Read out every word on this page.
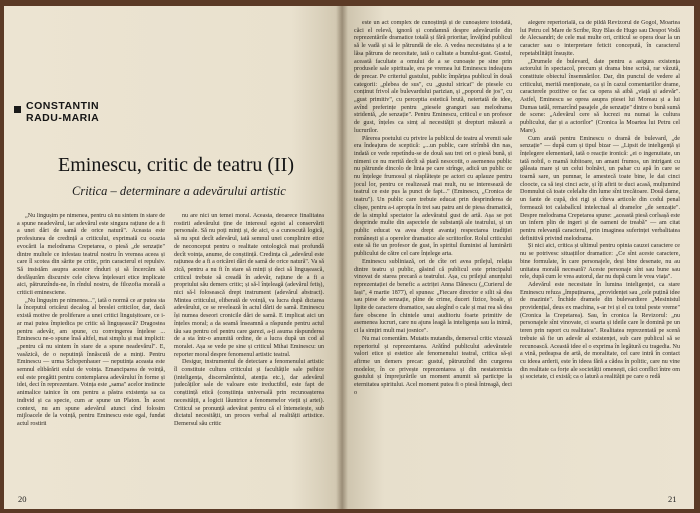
CONSTANTIN
RADU-MARIA
Eminescu, critic de teatru (II)
Critica – determinare a adevărului artistic

„Nu lingușim pe nimenea, pentru că nu sintem în stare de a spune neadevărul, iar adevărul este singura rațiune de a fi a unei dări de samă de orice natură". Aceasta este profesiunea de credință a criticului, exprimată cu ocazia evocării la melodrama Crepetarea, o piesă „de senzație" dintre multele ce infestau teatrul nostru în vremea aceea și care îl scotea din sărite pe critic, prin caracterul ei repulsiv. Să insistăm asupra acestor rînduri și să încercăm să desfășurăm discursiv cele cîteva înțelesuri etice implicate aici, pătrunzîndu-ne, în rîndul nostru, de filozofia morală a criticii eminesciene.

„Nu lingușim pe nimenea...", iată o normă ce ar putea sta la începutul oricărui decalog al breslei criticilor, dar, dacă există motive de proliferare a unei critici linguișitoare, ce i-ar mai putea împiedica pe critic să lingușească? Dragostea pentru adevăr, am spune, cu convingerea înțelese ... Eminescu ne-o spune însă altfel, mai simplu și mai implicit: „pentru că nu sintem în stare de a spune neadevărul". E, vasăzică, de o neputință înnăscută de a minți. Pentru Eminescu — urma Schopenhauer — neputința aceasta este semnul elibărării eului de voința. Emanciparea de voință, eul este pregătit pentru contemplarea adevărului în forme și idei, deci în reprezentare. Voința este „sama" acelor instincte animalice tainice în om pentru a păstra existența sa ca individ și ca specie, cum ar spune un Platon. În acest context, nu am spune adevărul atunci cînd folosim mijloacele de la voință, pentru Eminescu este egal, fundat actul rostirii

nu are nici un temei moral. Aceasta, deoarece finalitatea rostirii adevărului ține de interesul egoist al conservării personale. Să nu poți minți și, de aici, o a cunoscută logică, să nu spui decît adevărul, iată semnul unei complinire etice de neconceput pentru o realitate ontologică mai profundă decît voința, anume, de conștiință. Credința că „adevărul este rațiunea de a fi a oricărei dări de samă de orice natură". Va să zică, pentru a nu fi în stare să minți și deci să lingușească, criticul trebuie să creadă în adevăr, rațiune de a fi a propriului său demers critic; și să-l înțeleagă (adevărul fetiș), nici să-l folosească drept instrument (adevărul abstract). Mintea criticului, eliberată de voință, va lucra după dictarea adevărului, ce se revelează în actul dării de samă. Eminescu își numea deseori cronicile dări de samă. E implicat aici un înțeles moral; a da seamă înseamnă a răspunde pentru actul tău sau pentru cel pentru care garezi, a-ți asuma răspunderea de a sta într-o anumită ordine, de a lucra după un cod al moralei. Așa se vede pe sine și criticul Mihai Eminescu: un reporter moral despre fenomenul artistic teatral.

Desigur, instrumentul de detectare a fenomenului artistic îl constituie cultura criticului și facultățile sale psihice (inteligența, discernămîntul, atenția etc.), dar adevărul judecăților sale de valoare este ireductibil, este fapt de conștiință etică (conștiința universală prin recunoașterea necesității, a logicii lăuntrice a fenomenelor vieții și artei). Criticul se pronunță adevărat pentru că el întemeiește, sub dictatul necesității, un proces verbal al realității artistice. Demersul său critic

20

este un act complex de cunoștință și de cunoaștere totodată, căci el relevă, ignoră și condamnă despre adevărurile din reprezentările dramatice totală și fără prioritar, învățînd publicul să le vadă și să le pătrundă de ele. A vedea necesitatea și a te lăsa pătruns de necesitate, iată o calitate a bunului-gust. Gustul, această facultate a omului de a se cunoaște pe sine prin produsele sale spirituale, era pe vremea lui Eminescu indeajuns de precar. Pe criteriul gustului, public împărțea publicul în două categorii: „plebea de sus", cu „gustul stricat" de piesele cu conținut frivol ale bulevardului parizian, și „poporul de jos", cu „gust primitiv", cu perceptia estetică brută, neiertată de idee, avînd preferințe pentru „piesele granguri sau melodrama stridentă, „de senzație". Pentru Eminescu, criticul e un profesor de gust, înțeles ca simț al necesității și drepturi măsură a lucrurilor.

Părerea poetului cu privire la publicul de teatru al vremii sale era îndeajuns de sceptică: „...un public, care strîmbă din nas, indată ce vede repetîndu-se de două sau trei ori o piesă bună, și nimeni ce nu merită decît să piară nesocotit, o asemenea public nu pătrunde dincolo de linia pe care strînge, adică un public ce nu înțelege frumosul și răsplătește pe actori cu aplauze pentru jocul lor, pentru ce realizează mai mult, nu se interesează de teatrul ce este pus la punct de fapt..." (Eminescu, „Cronica de teatru"). Un public care trebuie educat prin desprinderea de clișee, pentru a-i apropia în trei sau patru ani de piesa dramatică, de la simplul spectator la adevăratul gust de artă. Așa se pot desprinde multe din aspectele de substanță ale teatrului, și un public educat va avea drept avantaj respectarea tradiției românești și a operelor dramatice ale scriitorilor. Rolul criticului este să fie un profesor de gust, în spiritul iluminist al luminării publicului de către cel care înțelege arta.

Eminescu subliniază, ori de cîte ori avea prilejul, relația dintre teatru și public, găsind că publicul este principalul vinovat de starea precară a teatrului. Așa, cu prilejul anunțului reprezentației de benefic a actriței Anna Dănescu („Curierul de Iași", 4 martie 1877), el spunea: „Fiecare director e silit să dea sau piese de senzație, pline de crime, duceri fizice, boale, și lipite de caractere dramatice, sau alegînd o cale și mai rea să dea fare obscene în chintele unui auditoriu foarte primitiv de asemenea lucruri, care nu ajuns leagă la inteligența sau la inimă, ci la simțiri mult mai josnice".

Nu mai comentăm. Mutatis mutandis, demersul critic vizează repertoriul și reprezentarea. Arătînd publicului adevăratele valori etice și estetice ale fenomenului teatral, critica să-și afirme un demers precar: gustul, pătrunzînd din curgerea modelor, în ce privește reprezentarea și din nestatornicia gustului și împrejurările un moment anumit să participe la eternitatea spiritului. Acel moment putea fi o piesă întreagă, deci o

alegere repertorială, ca de pildă Revizorul de Gogol, Moartea lui Petru cel Mare de Scribe, Ruy Blas de Hugo sau Despot Vodă de Alecsandri; de cele mai multe ori, criticul se opera doar la un caracter sau o interpretare feticit concepută, în caracterul repetabilității însușite.

„Drumele de bulevard, date pentru a asigura existența actorului în spectacol, precum și drama bine scrisă, rar văzută, constituie obiectul însemnărilor. Dar, din punctul de vedere al criticului, merită menționate, ca și în cazul comentariilor drame, caracterele pozitive ce fac ca opera să aibă „viață și adevăr". Astfel, Eminescu se oprea asupra piesei lui Moreau și a lui Dumas tatăl, remarcînd pasajele „de senzație" dintre o bună sumă de scene: „Adevărul cere să lucrezi nu numai la cultura publicului, dar și a actorilor" (Cronica la Moartea lui Petru cel Mare).

Cum arată pentru Eminescu o dramă de bulevard, „de senzație" — după cum și tipul bizar — „Lipsit de inteligență și înțelegere elementară, iată o reacție ironică: „ei o ingenuitate, un tată nobil, o mamă iubitoare, un amant frumos, un intrigant cu găleata mare și un celui bolnăvi, un pahar cu apă în care se toarnă sare, un pumnar, le amestecă toate bine, le dai cinci cloocte, ca să ieși cinci acte, și îți afirii te duci acasă, mulțumind Domnului că toate celelalte din lume sînt trecătoare. Două dame, un fante de cupă, doi rigi și cîteva articole din codul penal formează tot calabalîcul intelectual al dramelor „de senzație". Despre melodrama Crepetarea spune: „această piesă corlsașă este un infern plin de ingeri și de oameni de treabă" — am citat pentru relevanță caracterul, prin imaginea suferinței verbalitatea definitivă privind melodrama.

Și nici aici, critica și ultimul pentru opinia cauzei caractere ce nu se potrivesc situațiilor dramatice: „Ce sînt aceste caractere, bine formulate, în care personajele, deși bine desenate, nu au unitatea morală necesară? Aceste personaje sînt sau bune sau rele, după cum le vrea autorul, dar nu după cum le vrea viața".

Adevărul este necesitate în lumina inteligenței, ca stare Eminescu refuza „împuținarea, „providenței sau „cele puțină idee de mazinie". Închide dramele din bulevardiere „Mesinistul providențial, deus ex machina, s-ar ivi și el cu totul peste vreme" (Cronica la Crepetarea). Sau, în cronica la Revizorul: „nu personajele sînt vinovate, ci soarta și ideile care le domină pe un teren prin raport cu realitatea". Realitatea reprezentată pe scenă trebuie să fie un adevăr al existenței, sub care publicul să se recunoască. Această idee el o exprima în legătură cu tragedia. Nu a vină, pedeapsa de artă, de moralitate, cel care intră în contact cu ideea arderii, este în ideea fără a cădea în politic, care nu vine din realitate ca forțe ale societății omenești, căci conflict între om și societate, ci există; ca o latură a realității pe care o redă

21
